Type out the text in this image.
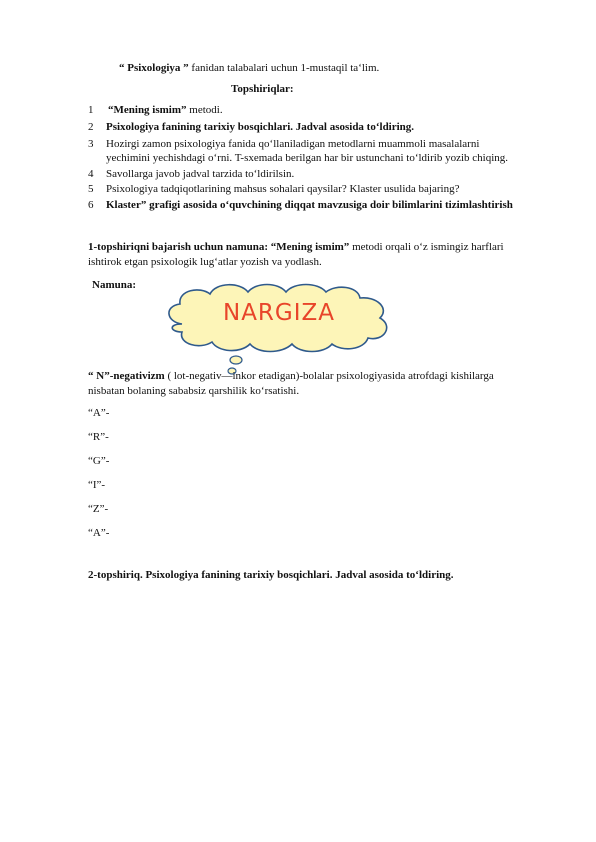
“ Psixologiya ” fanidan talabalari uchun 1-mustaqil ta‘lim.
Topshiriqlar:
1 “Mening ismim” metodi.
2 Psixologiya fanining tarixiy bosqichlari. Jadval asosida to‘ldiring.
3 Hozirgi zamon psixologiya fanida qo‘llaniladigan metodlarni muammoli masalalarni
yechimini yechishdagi o‘rni. T-sxemada berilgan har bir ustunchani to‘ldirib yozib chiqing.
4 Savollarga javob jadval tarzida to‘ldirilsin.
5 Psixologiya tadqiqotlarining mahsus sohalari qaysilar? Klaster usulida bajaring?
6 Klaster” grafigi asosida o‘quvchining diqqat mavzusiga doir bilimlarini tizimlashtirish
1-topshiriqni bajarish uchun namuna: “Mening ismim” metodi orqali o‘z ismingiz harflari
ishtirok etgan psixologik lug‘atlar yozish va yodlash.
Namuna:
NARGIZA
“ N”-negativizm ( lot-negativ—inkor etadigan)-bolalar psixologiyasida atrofdagi kishilarga
nisbatan bolaning sababsiz qarshilik ko‘rsatishi.
“A”-
“R”-
“G”-
“I”-
“Z”-
“A”-
2-topshiriq. Psixologiya fanining tarixiy bosqichlari. Jadval asosida to‘ldiring.
